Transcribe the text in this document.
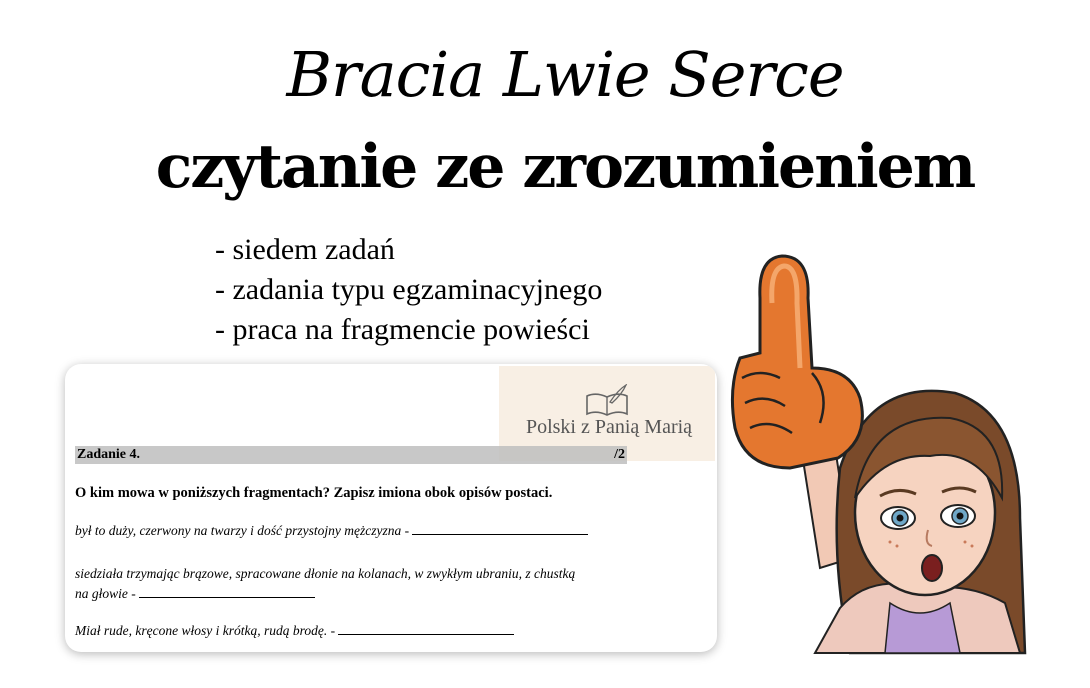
Bracia Lwie Serce
czytanie ze zrozumieniem
- siedem zadań
- zadania typu egzaminacyjnego
- praca na fragmencie powieści
Polski z Panią Marią
Zadanie 4.	/2
O kim mowa w poniższych fragmentach? Zapisz imiona obok opisów postaci.
był to duży, czerwony na twarzy i dość przystojny mężczyzna -
siedziała trzymając brązowe, spracowane dłonie na kolanach, w zwykłym ubraniu, z chustką
na głowie -
Miał rude, kręcone włosy i krótką, rudą brodę. -
